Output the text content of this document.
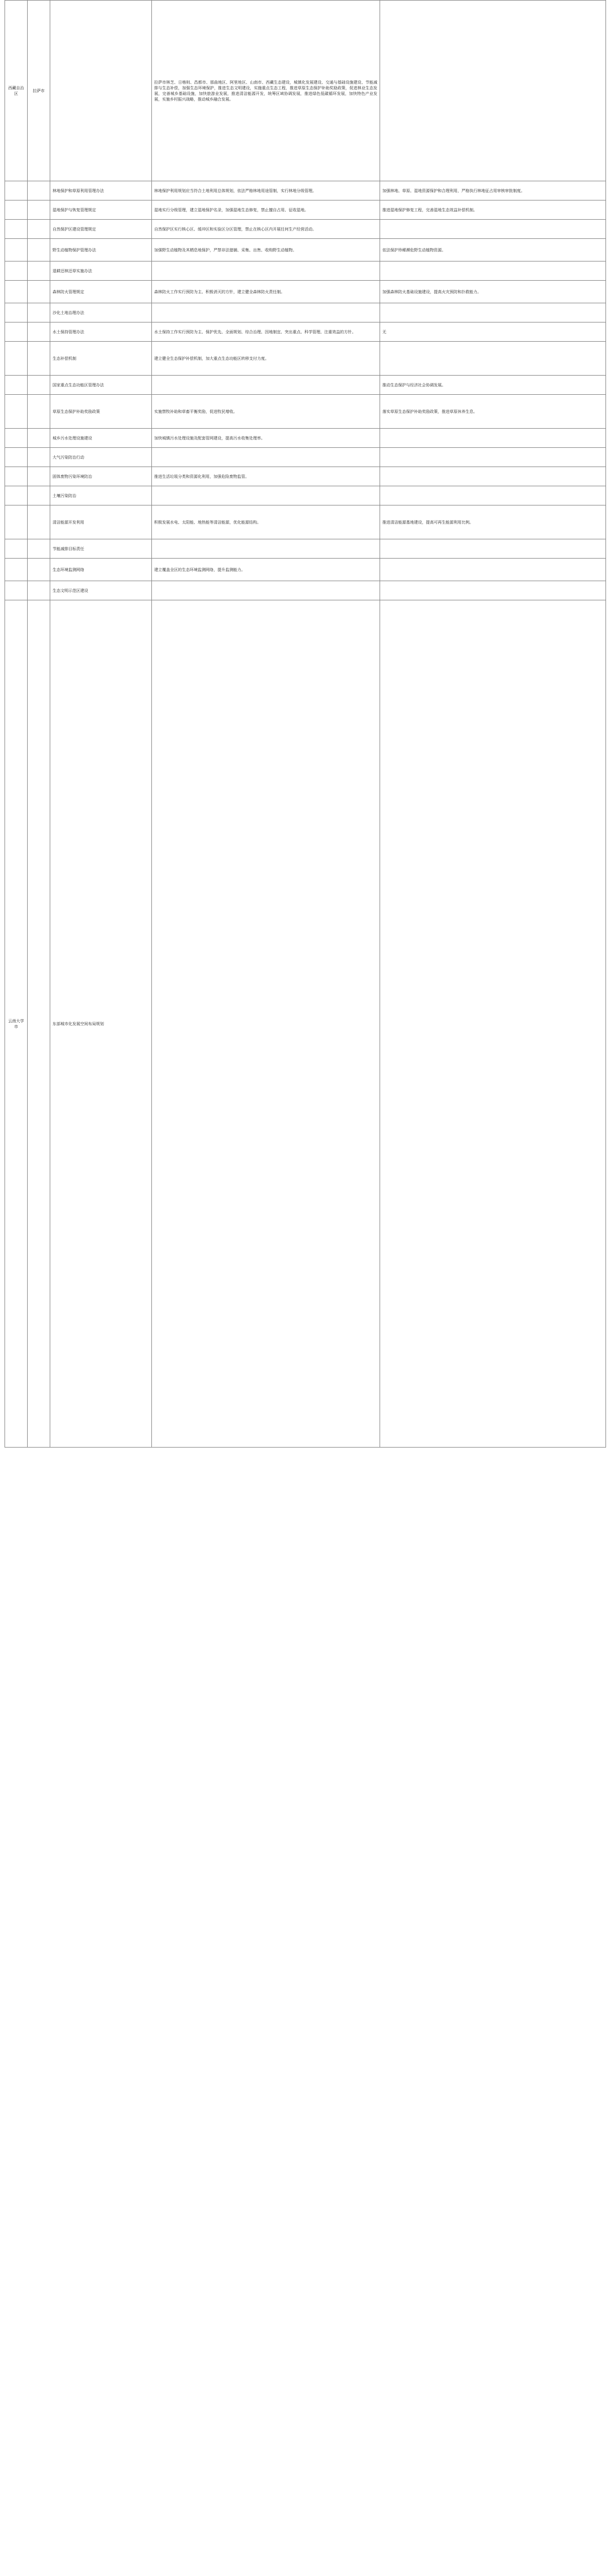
西藏自治区	拉萨市		拉萨市林芝、日喀则、昌都市、那曲地区、阿里地区、山南市、西藏生态建设，城镇化发展建设、交通与基础设施建设、节能减排与生态补偿，加强生态环境保护，推进生态文明建设，实施重点生态工程，推进草原生态保护补助奖励政策，促进林业生态发展，完善城乡基础设施，加快旅游业发展，推进清洁能源开发，统筹区域协调发展，推进绿色低碳循环发展，加快特色产业发展，实施乡村振兴战略，推动城乡融合发展。	
		林地保护和草原利用管理办法	林地保护利用规划应当符合土地利用总体规划，依法严格林地用途管制，实行林地分级管理。	加强林地、草原、湿地资源保护和合理利用，严格执行林地征占用审核审批制度。
		湿地保护与恢复管理规定	湿地实行分级管理，建立湿地保护名录，加强湿地生态修复，禁止擅自占用、征收湿地。	推进湿地保护修复工程，完善湿地生态效益补偿机制。
		自然保护区建设管理规定	自然保护区实行核心区、缓冲区和实验区分区管理，禁止在核心区内开展任何生产经营活动。	
		野生动植物保护管理办法	加强野生动植物及其栖息地保护，严禁非法猎捕、采集、出售、收购野生动植物。	依法保护珍稀濒危野生动植物资源。
		退耕还林还草实施办法		
		森林防火管理规定	森林防火工作实行预防为主、积极消灭的方针，建立健全森林防火责任制。	加强森林防火基础设施建设，提高火灾预防和扑救能力。
		沙化土地治理办法		
		水土保持管理办法	水土保持工作实行预防为主、保护优先、全面规划、综合治理、因地制宜、突出重点、科学管理、注重效益的方针。	无
		生态补偿机制	建立健全生态保护补偿机制，加大重点生态功能区转移支付力度。	
		国家重点生态功能区管理办法		推动生态保护与经济社会协调发展。
		草原生态保护补助奖励政策	实施禁牧补助和草畜平衡奖励，促进牧民增收。	落实草原生态保护补助奖励政策，推进草原休养生息。
		城乡污水处理设施建设	加快城镇污水处理设施及配套管网建设，提高污水收集处理率。	
		大气污染防治行动		
		固体废物污染环境防治	推进生活垃圾分类和资源化利用，加强危险废物监管。	
		土壤污染防治		
		清洁能源开发利用	积极发展水电、太阳能、地热能等清洁能源，优化能源结构。	推进清洁能源基地建设，提高可再生能源利用比例。
		节能减排目标责任		
		生态环境监测网络	建立覆盖全区的生态环境监测网络，提升监测能力。	
		生态文明示范区建设		
云南大学市		东部城市化发展空间布局规划		
